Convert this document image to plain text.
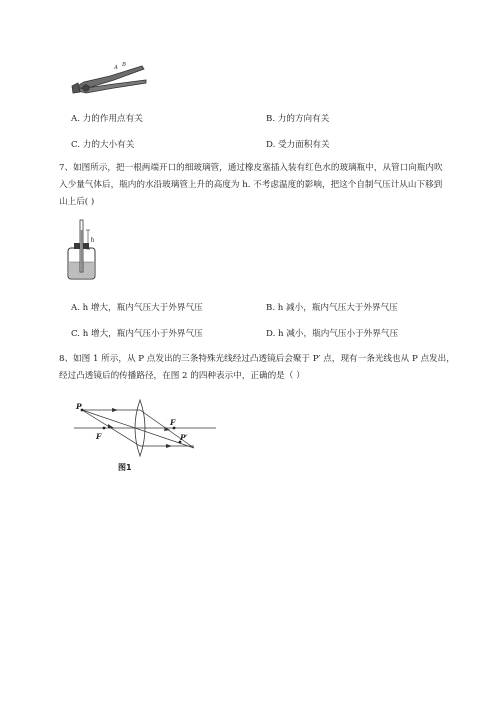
A B
A. 力的作用点有关	B. 力的方向有关
C. 力的大小有关	D. 受力面积有关
7、如图所示，把一根两端开口的细玻璃管，通过橡皮塞插入装有红色水的玻璃瓶中，从管口向瓶内吹
入少量气体后，瓶内的水沿玻璃管上升的高度为 h. 不考虑温度的影响，把这个自制气压计从山下移到
山上后( )
h
A. h 增大，瓶内气压大于外界气压	B. h 减小，瓶内气压大于外界气压
C. h 增大，瓶内气压小于外界气压	D. h 减小，瓶内气压小于外界气压
8、如图 1 所示，从 P 点发出的三条特殊光线经过凸透镜后会聚于 P′ 点，现有一条光线也从 P 点发出，
经过凸透镜后的传播路径，在图 2 的四种表示中，正确的是（ ）
P
F
F
P′
图1
